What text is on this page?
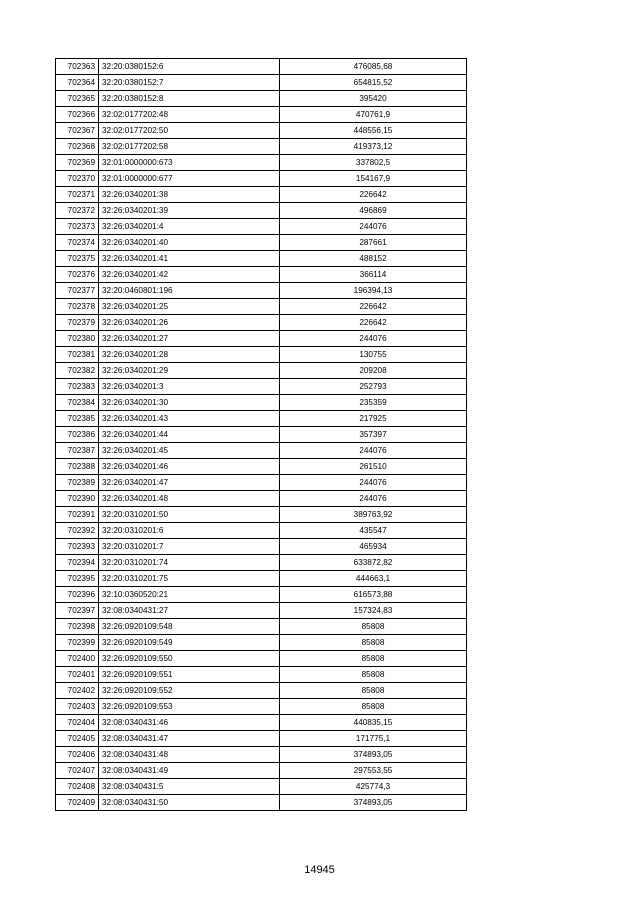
702363	32:20:0380152:6	476085,68
702364	32:20:0380152:7	654815,52
702365	32:20:0380152:8	395420
702366	32:02:0177202:48	470761,9
702367	32:02:0177202:50	448556,15
702368	32:02:0177202:58	419373,12
702369	32:01:0000000:673	337802,5
702370	32:01:0000000:677	154167,9
702371	32:26:0340201:38	226642
702372	32:26:0340201:39	496869
702373	32:26:0340201:4	244076
702374	32:26:0340201:40	287661
702375	32:26:0340201:41	488152
702376	32:26:0340201:42	366114
702377	32:20:0460801:196	196394,13
702378	32:26:0340201:25	226642
702379	32:26:0340201:26	226642
702380	32:26:0340201:27	244076
702381	32:26:0340201:28	130755
702382	32:26:0340201:29	209208
702383	32:26:0340201:3	252793
702384	32:26:0340201:30	235359
702385	32:26:0340201:43	217925
702386	32:26:0340201:44	357397
702387	32:26:0340201:45	244076
702388	32:26:0340201:46	261510
702389	32:26:0340201:47	244076
702390	32:26:0340201:48	244076
702391	32:20:0310201:50	389763,92
702392	32:20:0310201:6	435547
702393	32:20:0310201:7	465934
702394	32:20:0310201:74	633872,82
702395	32:20:0310201:75	444663,1
702396	32:10:0360520:21	616573,88
702397	32:08:0340431:27	157324,83
702398	32:26:0920109:548	85808
702399	32:26:0920109:549	85808
702400	32:26:0920109:550	85808
702401	32:26:0920109:551	85808
702402	32:26:0920109:552	85808
702403	32:26:0920109:553	85808
702404	32:08:0340431:46	440835,15
702405	32:08:0340431:47	171775,1
702406	32:08:0340431:48	374893,05
702407	32:08:0340431:49	297553,55
702408	32:08:0340431:5	425774,3
702409	32:08:0340431:50	374893,05
14945
